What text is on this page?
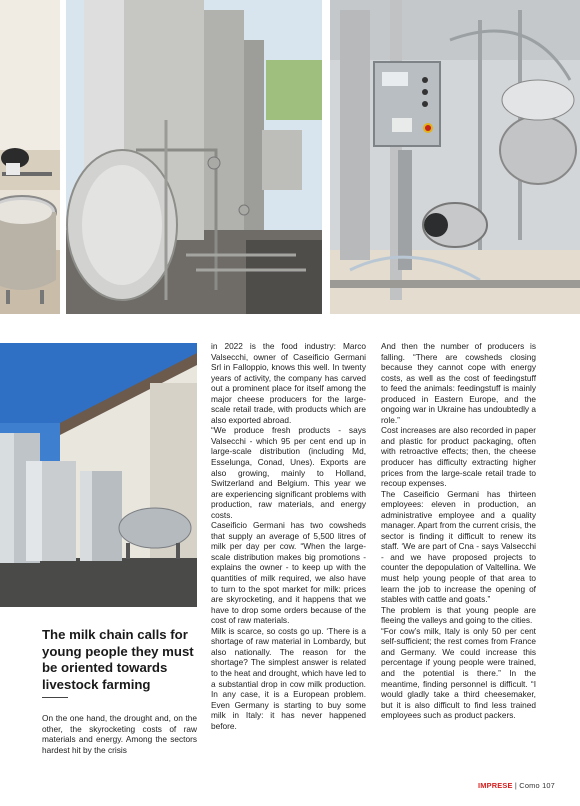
The milk chain calls for young people they must be oriented towards livestock farming

On the one hand, the drought and, on the other, the skyrocketing costs of raw materials and energy. Among the sectors hardest hit by the crisis

in 2022 is the food industry: Marco Valsecchi, owner of Caseificio Germani Srl in Falloppio, knows this well. In twenty years of activity, the company has carved out a prominent place for itself among the major cheese producers for the large-scale retail trade, with products which are also exported abroad.

“We produce fresh products - says Valsecchi - which 95 per cent end up in large-scale distribution (including Md, Esselunga, Conad, Unes). Exports are also growing, mainly to Holland, Switzerland and Belgium. This year we are experiencing significant problems with production, raw materials, and energy costs.

Caseificio Germani has two cowsheds that supply an average of 5,500 litres of milk per day per cow. “When the large-scale distribution makes big promotions - explains the owner - to keep up with the quantities of milk required, we also have to turn to the spot market for milk: prices are skyrocketing, and it happens that we have to drop some orders because of the cost of raw materials.

Milk is scarce, so costs go up. ‘There is a shortage of raw material in Lombardy, but also nationally. The reason for the shortage? The simplest answer is related to the heat and drought, which have led to a substantial drop in cow milk production. In any case, it is a European problem. Even Germany is starting to buy some milk in Italy: it has never happened before.

And then the number of producers is falling. “There are cowsheds closing because they cannot cope with energy costs, as well as the cost of feedingstuff to feed the animals: feedingstuff is mainly produced in Eastern Europe, and the ongoing war in Ukraine has undoubtedly a role.”

Cost increases are also recorded in paper and plastic for product packaging, often with retroactive effects; then, the cheese producer has difficulty extracting higher prices from the large-scale retail trade to recoup expenses.

The Caseificio Germani has thirteen employees: eleven in production, an administrative employee and a quality manager. Apart from the current crisis, the sector is finding it difficult to renew its staff. ‘We are part of Cna - says Valsecchi - and we have proposed projects to counter the depopulation of Valtellina. We must help young people of that area to learn the job to increase the opening of stables with cattle and goats.”

The problem is that young people are fleeing the valleys and going to the cities.

“For cow’s milk, Italy is only 50 per cent self-sufficient; the rest comes from France and Germany. We could increase this percentage if young people were trained, and the potential is there.” In the meantime, finding personnel is difficult. “I would gladly take a third cheesemaker, but it is also difficult to find less trained employees such as product packers.

IMPRESE | Como 107
